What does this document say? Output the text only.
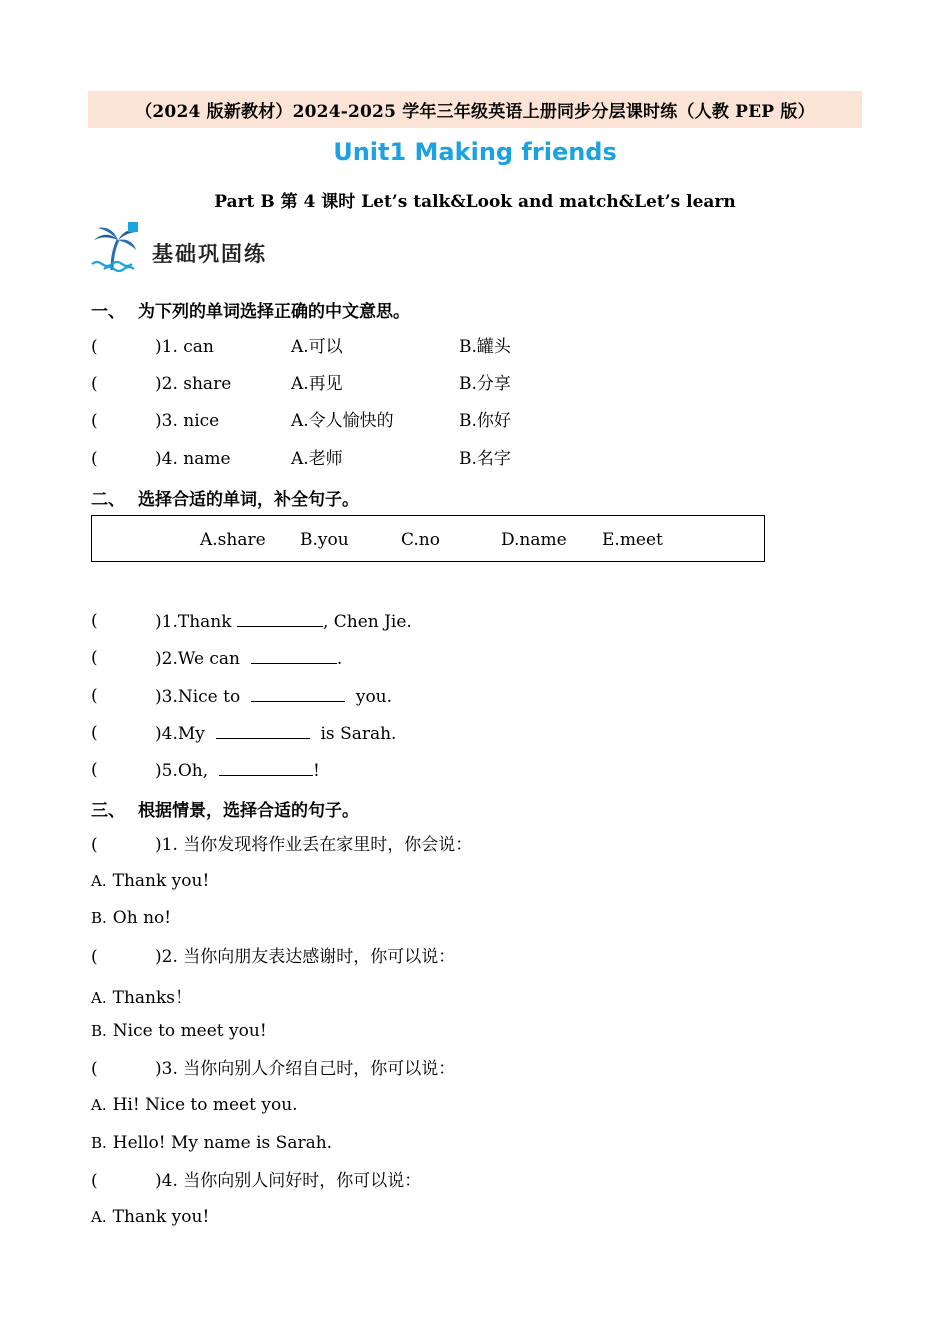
（2024 版新教材）2024-2025 学年三年级英语上册同步分层课时练（人教 PEP 版）
Unit1 Making friends
Part B 第 4 课时 Let’s talk&Look and match&Let’s learn
基础巩固练
一、 为下列的单词选择正确的中文意思。
(	)1. can	A.可以	B.罐头
(	)2. share	A.再见	B.分享
(	)3. nice	A.令人愉快的	B.你好
(	)4. name	A.老师	B.名字
二、 选择合适的单词，补全句子。
A.share B.you	C.no	D.name E.meet
(	)1.Thank	, Chen Jie.
(	)2.We can	.
(	)3.Nice to	you.
(	)4.My	is Sarah.
(	)5.Oh,	!
三、 根据情景，选择合适的句子。
(	)1. 当你发现将作业丢在家里时，你会说：
A. Thank you!
B. Oh no!
(	)2. 当你向朋友表达感谢时，你可以说：
A. Thanks！
B. Nice to meet you!
(	)3. 当你向别人介绍自己时，你可以说：
A. Hi! Nice to meet you.
B. Hello! My name is Sarah.
(	)4. 当你向别人问好时，你可以说：
A. Thank you!
